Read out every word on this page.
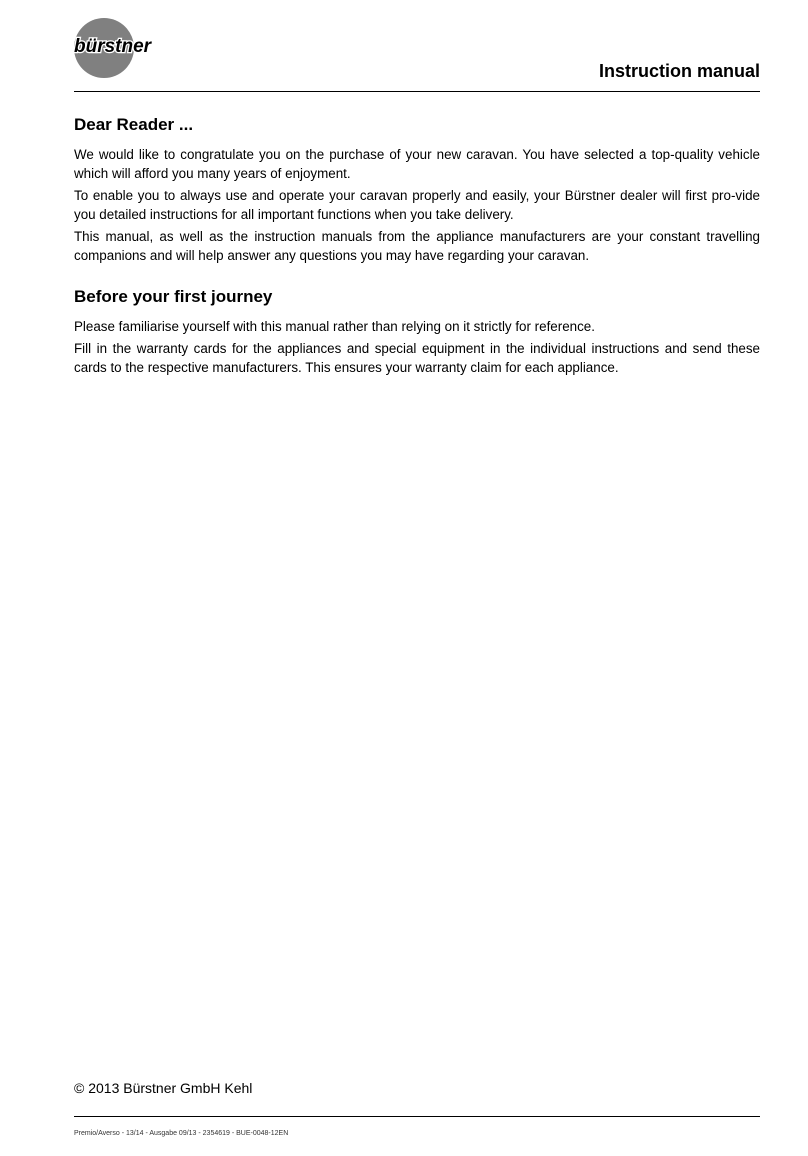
bürstner
Instruction manual
Dear Reader ...

We would like to congratulate you on the purchase of your new caravan. You have selected a top-quality vehicle which will afford you many years of enjoyment.

To enable you to always use and operate your caravan properly and easily, your Bürstner dealer will first pro-vide you detailed instructions for all important functions when you take delivery.

This manual, as well as the instruction manuals from the appliance manufacturers are your constant travelling companions and will help answer any questions you may have regarding your caravan.

Before your first journey

Please familiarise yourself with this manual rather than relying on it strictly for reference.

Fill in the warranty cards for the appliances and special equipment in the individual instructions and send these cards to the respective manufacturers. This ensures your warranty claim for each appliance.

© 2013 Bürstner GmbH Kehl
Premio/Averso - 13/14 - Ausgabe 09/13 - 2354619 - BUE-0048-12EN
